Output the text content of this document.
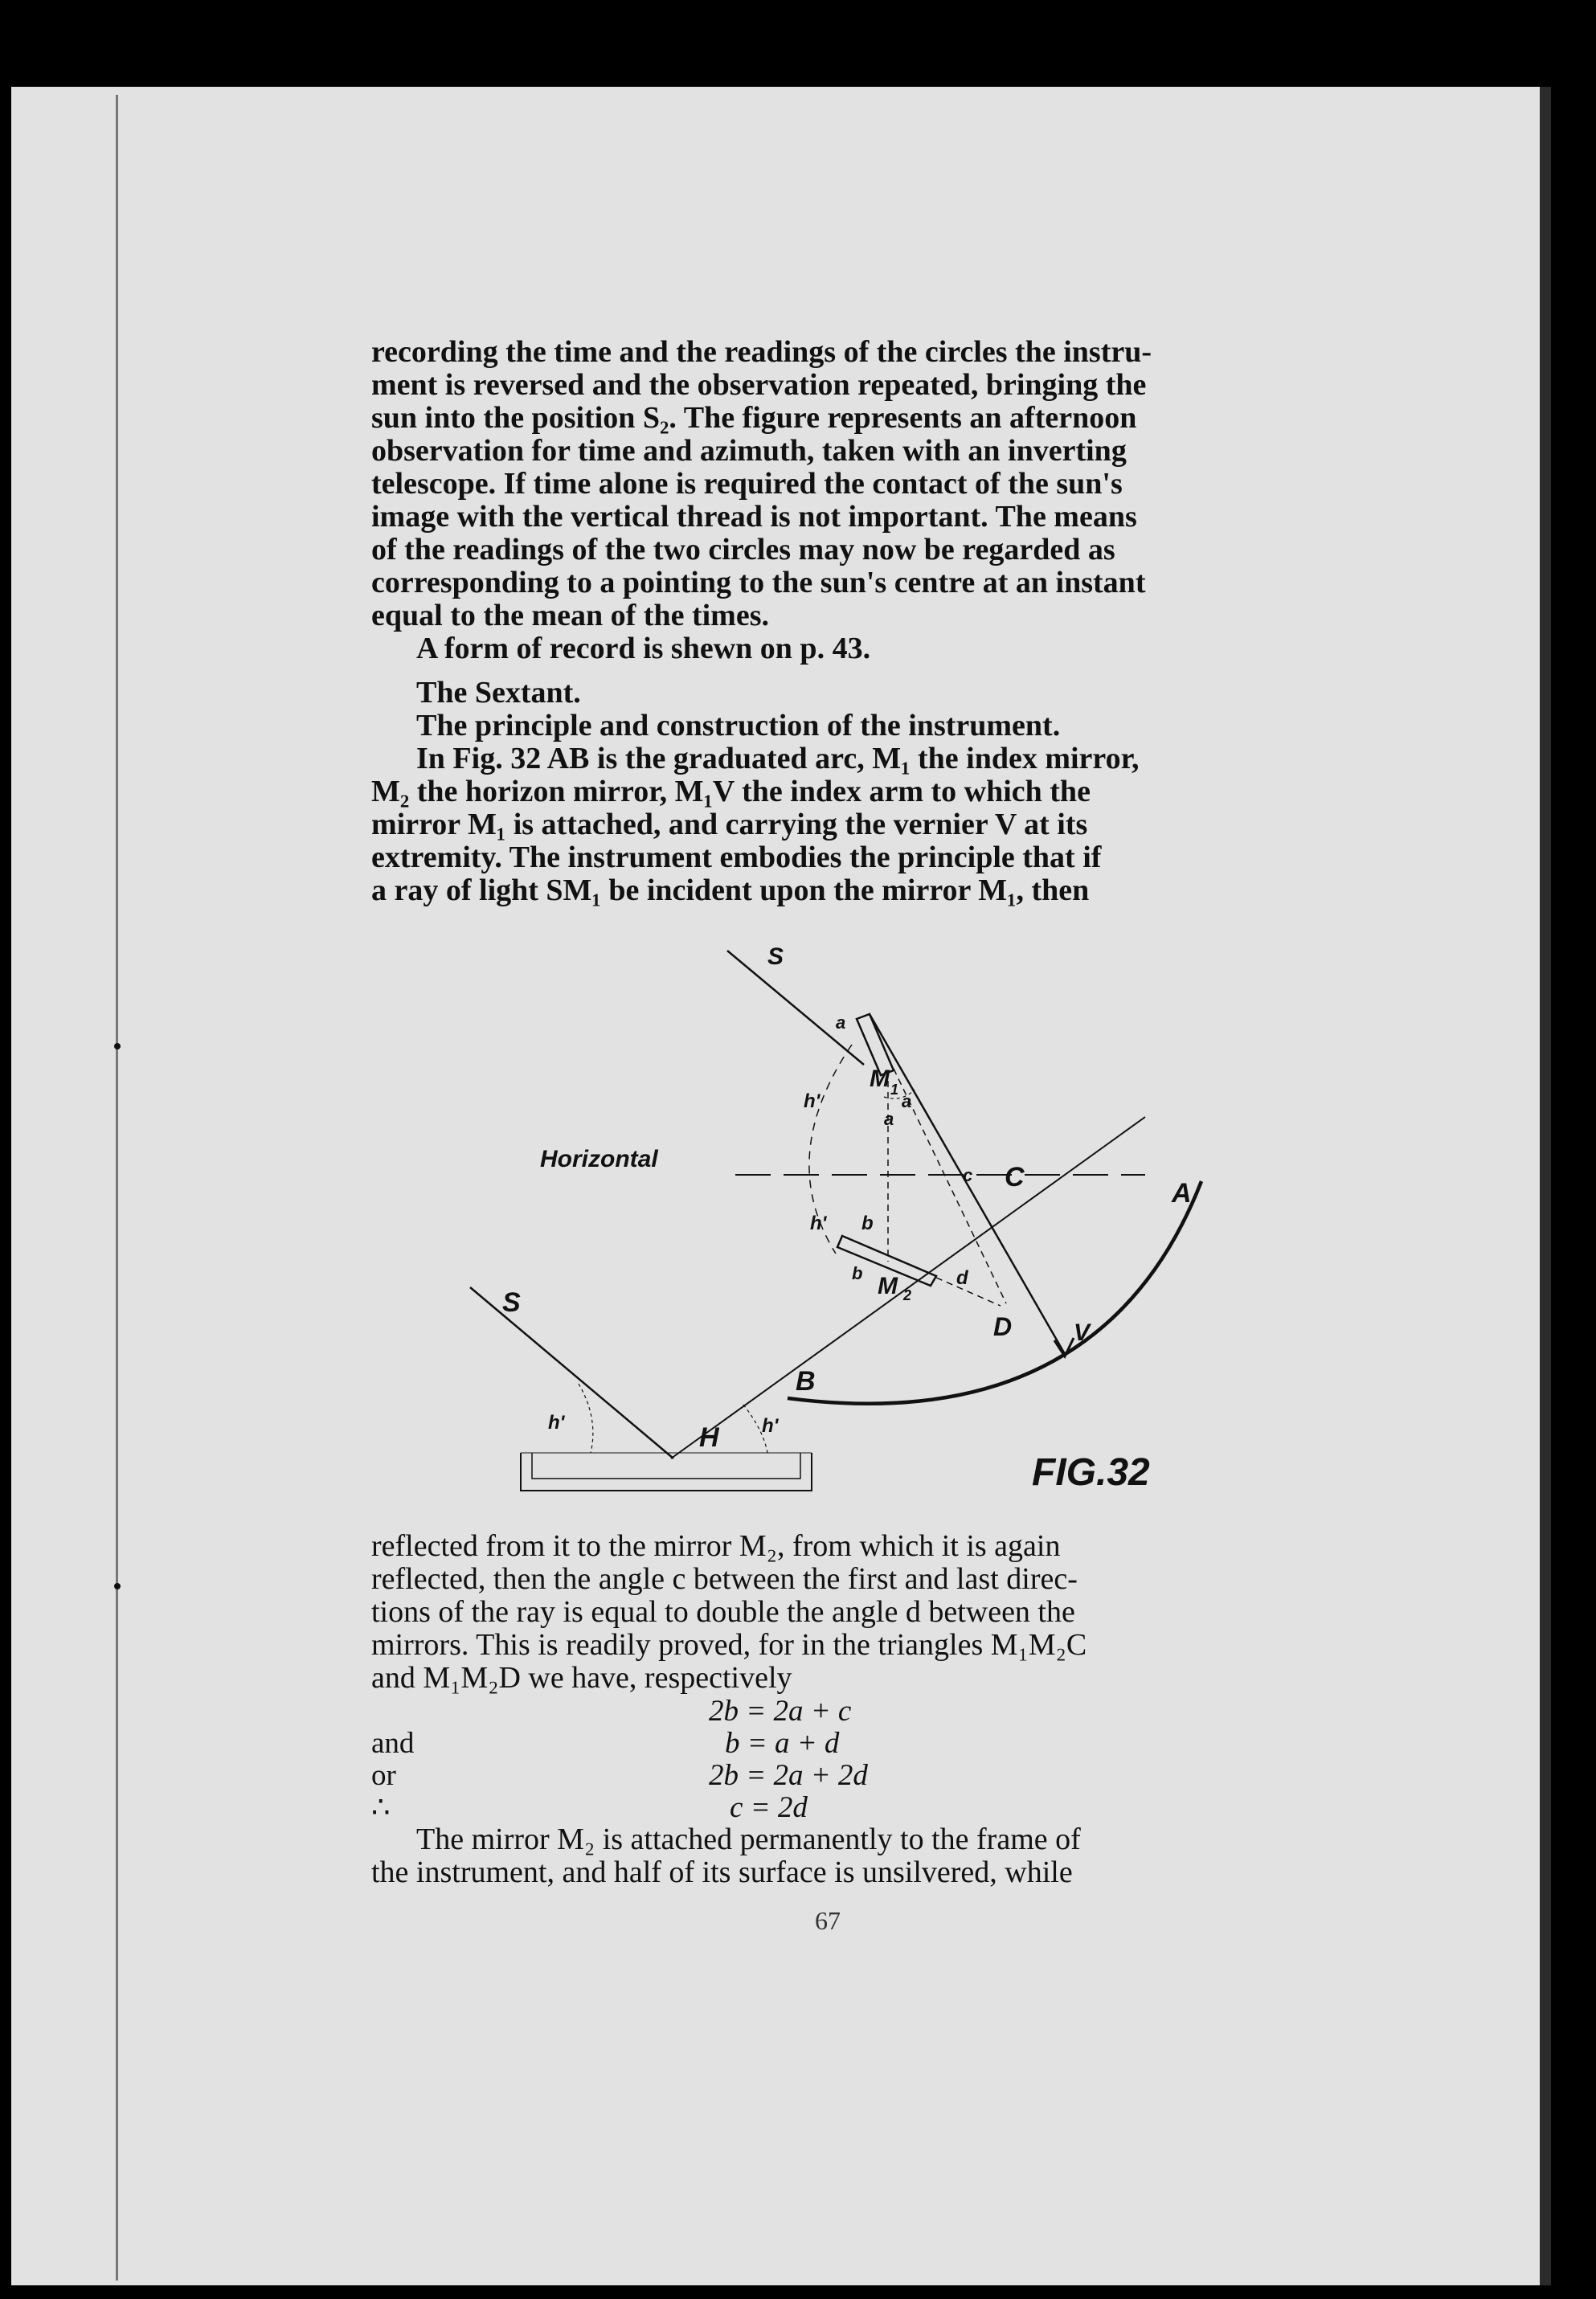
recording the time and the readings of the circles the instru-
ment is reversed and the observation repeated, bringing the
sun into the position S₂. The figure represents an afternoon
observation for time and azimuth, taken with an inverting
telescope. If time alone is required the contact of the sun's
image with the vertical thread is not important. The means
of the readings of the two circles may now be regarded as
corresponding to a pointing to the sun's centre at an instant
equal to the mean of the times.
A form of record is shewn on p. 43.
The Sextant.
The principle and construction of the instrument.
In Fig. 32 AB is the graduated arc, M₁ the index mirror,
M₂ the horizon mirror, M₁V the index arm to which the
mirror M₁ is attached, and carrying the vernier V at its
extremity. The instrument embodies the principle that if
a ray of light SM₁ be incident upon the mirror M₁, then
S
a
M 1
a
a
h'
Horizontal
c C
A
h' b
b M 2
d
D	V
S
B
h'	H h'
FIG.32
reflected from it to the mirror M₂, from which it is again
reflected, then the angle c between the first and last direc-
tions of the ray is equal to double the angle d between the
mirrors. This is readily proved, for in the triangles M₁M₂C
and M₁M₂D we have, respectively
2b = 2a + c
and	b = a + d
or	2b = 2a + 2d
∴	c = 2d
The mirror M₂ is attached permanently to the frame of
the instrument, and half of its surface is unsilvered, while
67
